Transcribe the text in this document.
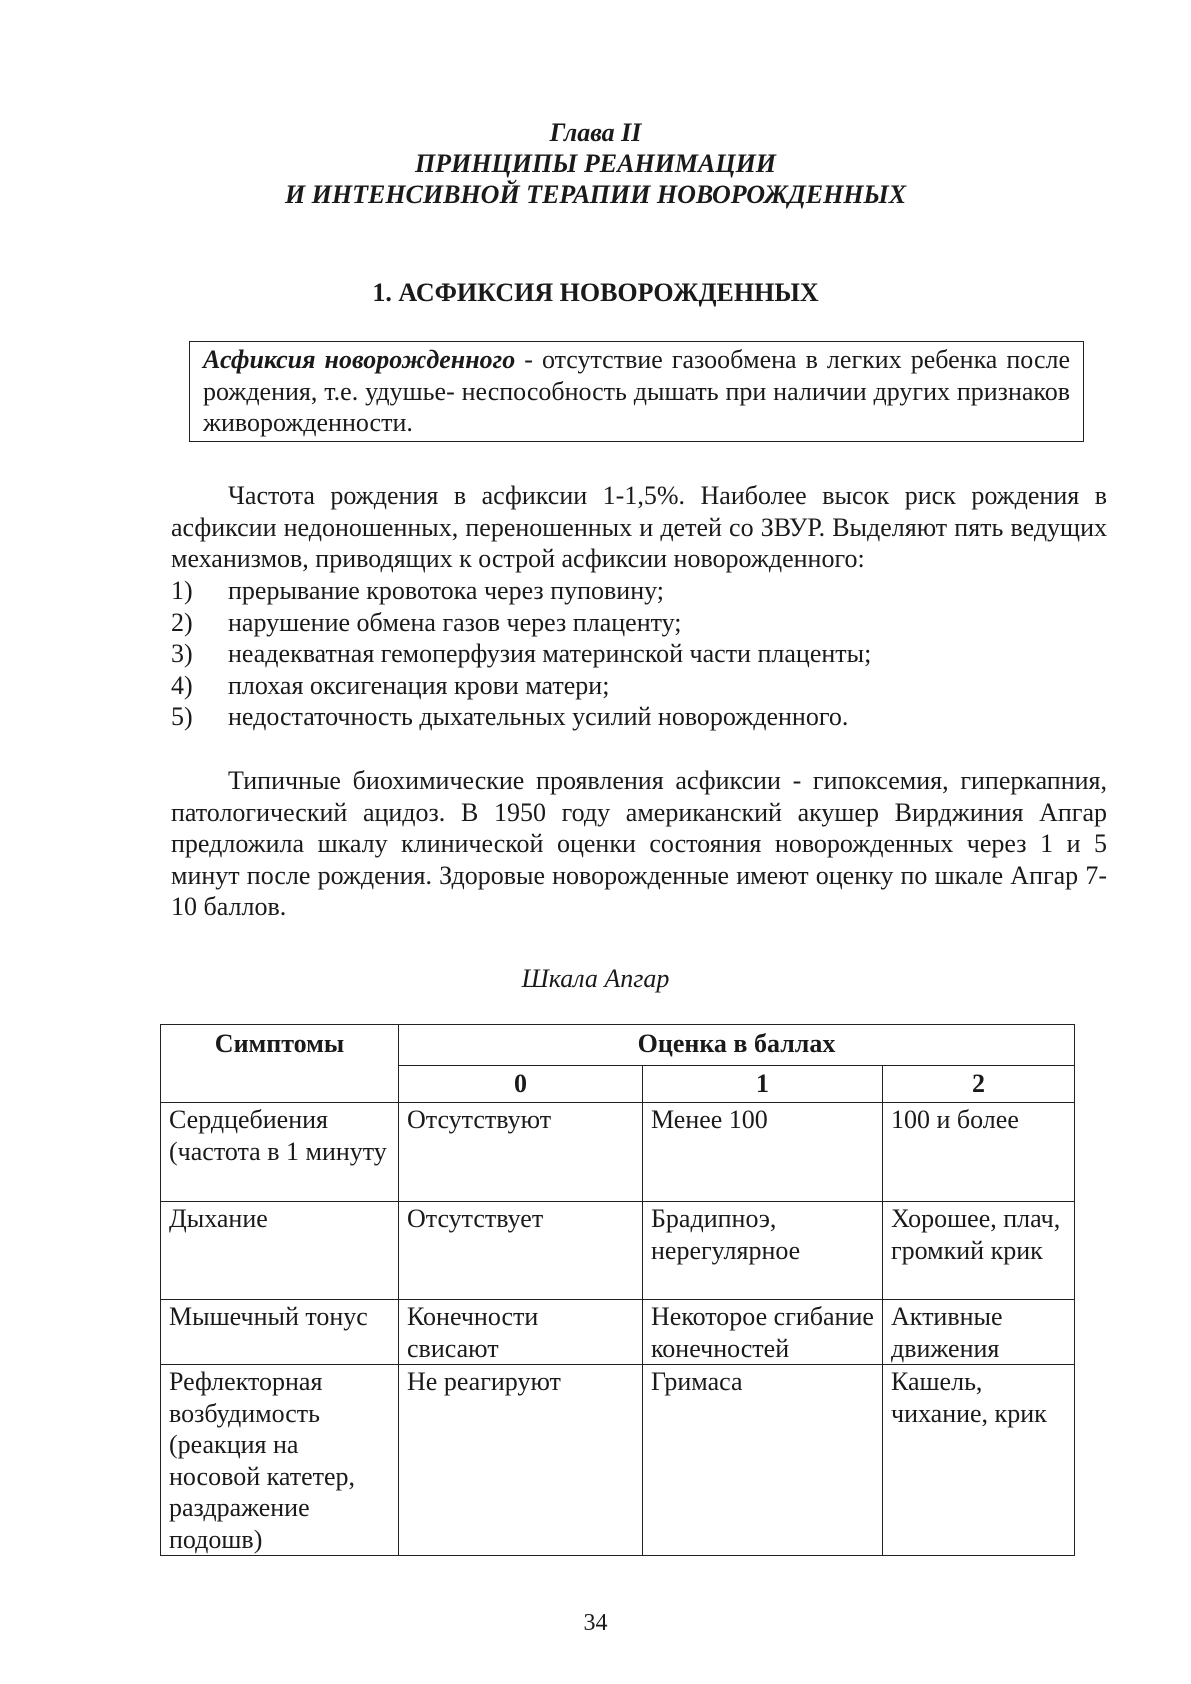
Глава II
ПРИНЦИПЫ РЕАНИМАЦИИ
И ИНТЕНСИВНОЙ ТЕРАПИИ НОВОРОЖДЕННЫХ
1. АСФИКСИЯ НОВОРОЖДЕННЫХ
Асфиксия новорожденного - отсутствие газообмена в легких ребенка после рождения, т.е. удушье- неспособность дышать при наличии других признаков живорожденности.
Частота рождения в асфиксии 1-1,5%. Наиболее высок риск рождения в асфиксии недоношенных, переношенных и детей со ЗВУР. Выделяют пять ведущих механизмов, приводящих к острой асфиксии новорожденного:
1) прерывание кровотока через пуповину;
2) нарушение обмена газов через плаценту;
3) неадекватная гемоперфузия материнской части плаценты;
4) плохая оксигенация крови матери;
5) недостаточность дыхательных усилий новорожденного.
Типичные биохимические проявления асфиксии - гипоксемия, гиперкапния, патологический ацидоз. В 1950 году американский акушер Вирджиния Апгар предложила шкалу клинической оценки состояния новорожденных через 1 и 5 минут после рождения. Здоровые новорожденные имеют оценку по шкале Апгар 7-10 баллов.
Шкала Апгар
Симптомы	Оценка в баллах		
	0	1	2
Сердцебиения (частота в 1 минуту	Отсутствуют	Менее 100	100 и более
Дыхание	Отсутствует	Брадипноэ, нерегулярное	Хорошее, плач, громкий крик
Мышечный тонус	Конечности свисают	Некоторое сгибание конечностей	Активные движения
Рефлекторная возбудимость (реакция на носовой катетер, раздражение подошв)	Не реагируют	Гримаса	Кашель, чихание, крик
34
